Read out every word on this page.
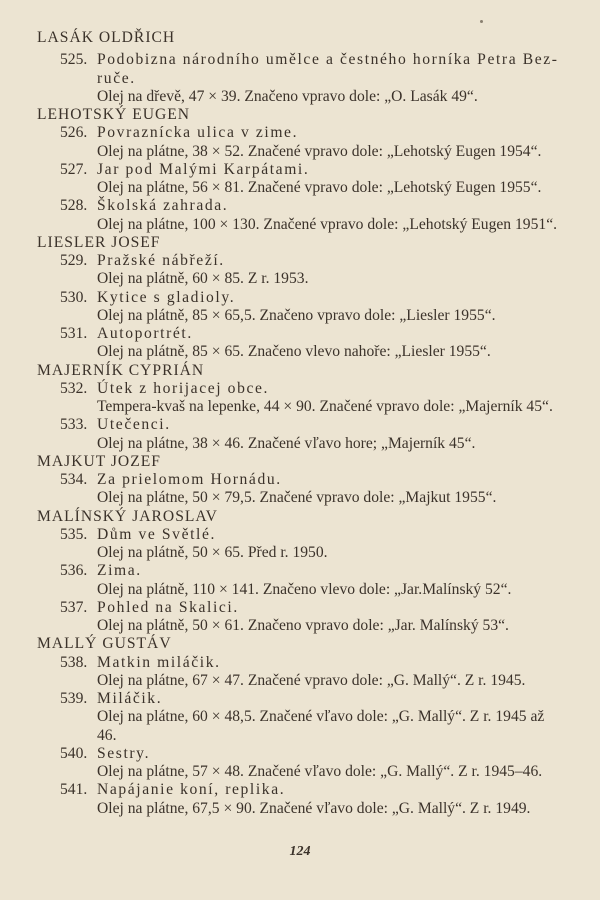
LASÁK OLDŘICH
525. Podobizna národního umělce a čestného horníka Petra Bez-
ruče.
Olej na dřevě, 47 × 39. Značeno vpravo dole: „O. Lasák 49“.
LEHOTSKÝ EUGEN
526. Povraznícka ulica v zime.
Olej na plátne, 38 × 52. Značené vpravo dole: „Lehotský Eugen 1954“.
527. Jar pod Malými Karpátami.
Olej na plátne, 56 × 81. Značené vpravo dole: „Lehotský Eugen 1955“.
528. Školská zahrada.
Olej na plátne, 100 × 130. Značené vpravo dole: „Lehotský Eugen 1951“.
LIESLER JOSEF
529. Pražské nábřeží.
Olej na plátně, 60 × 85. Z r. 1953.
530. Kytice s gladioly.
Olej na plátně, 85 × 65,5. Značeno vpravo dole: „Liesler 1955“.
531. Autoportrét.
Olej na plátně, 85 × 65. Značeno vlevo nahoře: „Liesler 1955“.
MAJERNÍK CYPRIÁN
532. Útek z horijacej obce.
Tempera-kvaš na lepenke, 44 × 90. Značené vpravo dole: „Majerník 45“.
533. Utečenci.
Olej na plátne, 38 × 46. Značené vľavo hore; „Majerník 45“.
MAJKUT JOZEF
534. Za prielomom Hornádu.
Olej na plátne, 50 × 79,5. Značené vpravo dole: „Majkut 1955“.
MALÍNSKÝ JAROSLAV
535. Dům ve Světlé.
Olej na plátně, 50 × 65. Před r. 1950.
536. Zima.
Olej na plátně, 110 × 141. Značeno vlevo dole: „Jar.Malínský 52“.
537. Pohled na Skalici.
Olej na plátně, 50 × 61. Značeno vpravo dole: „Jar. Malínský 53“.
MALLÝ GUSTÁV
538. Matkin miláčik.
Olej na plátne, 67 × 47. Značené vpravo dole: „G. Mallý“. Z r. 1945.
539. Miláčik.
Olej na plátne, 60 × 48,5. Značené vľavo dole: „G. Mallý“. Z r. 1945 až
46.
540. Sestry.
Olej na plátne, 57 × 48. Značené vľavo dole: „G. Mallý“. Z r. 1945–46.
541. Napájanie koní, replika.
Olej na plátne, 67,5 × 90. Značené vľavo dole: „G. Mallý“. Z r. 1949.
124
